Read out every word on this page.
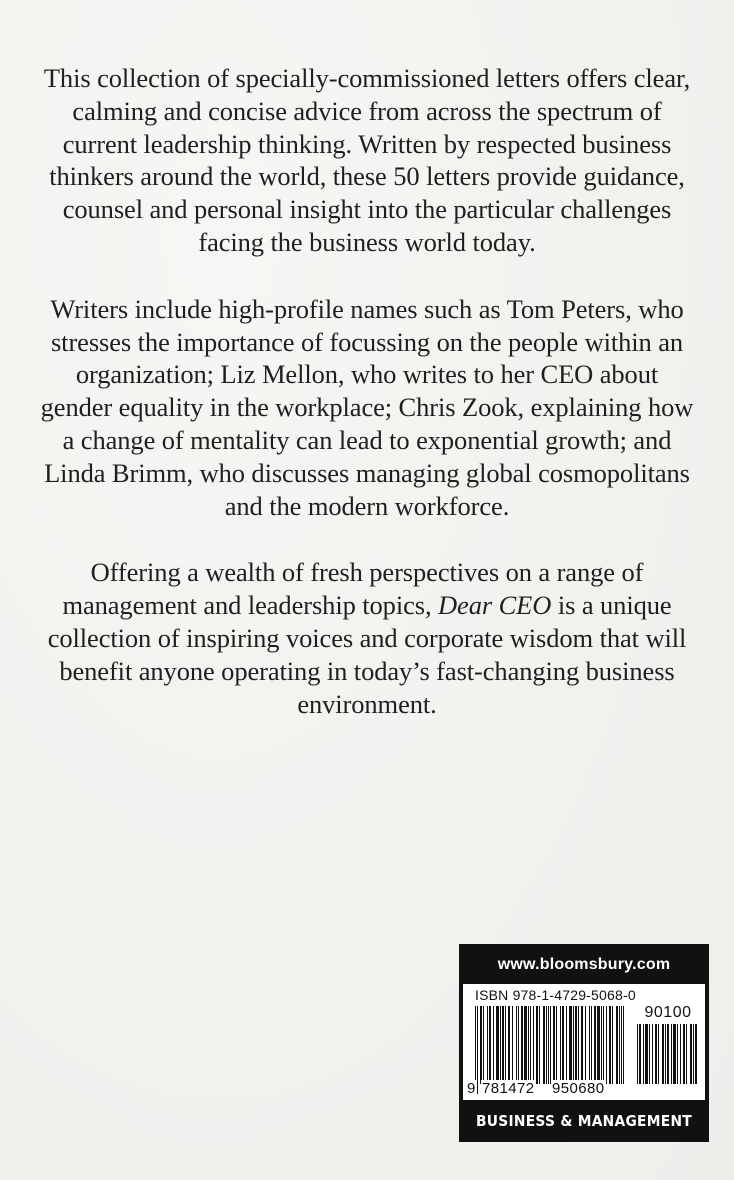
This collection of specially-commissioned letters offers clear, calming and concise advice from across the spectrum of current leadership thinking. Written by respected business thinkers around the world, these 50 letters provide guidance, counsel and personal insight into the particular challenges facing the business world today.

Writers include high-profile names such as Tom Peters, who stresses the importance of focussing on the people within an organization; Liz Mellon, who writes to her CEO about gender equality in the workplace; Chris Zook, explaining how a change of mentality can lead to exponential growth; and Linda Brimm, who discusses managing global cosmopolitans and the modern workforce.

Offering a wealth of fresh perspectives on a range of management and leadership topics, Dear CEO is a unique collection of inspiring voices and corporate wisdom that will benefit anyone operating in today’s fast-changing business environment.

www.bloomsbury.com
ISBN 978-1-4729-5068-0
90100
9 781472 950680
BUSINESS & MANAGEMENT
